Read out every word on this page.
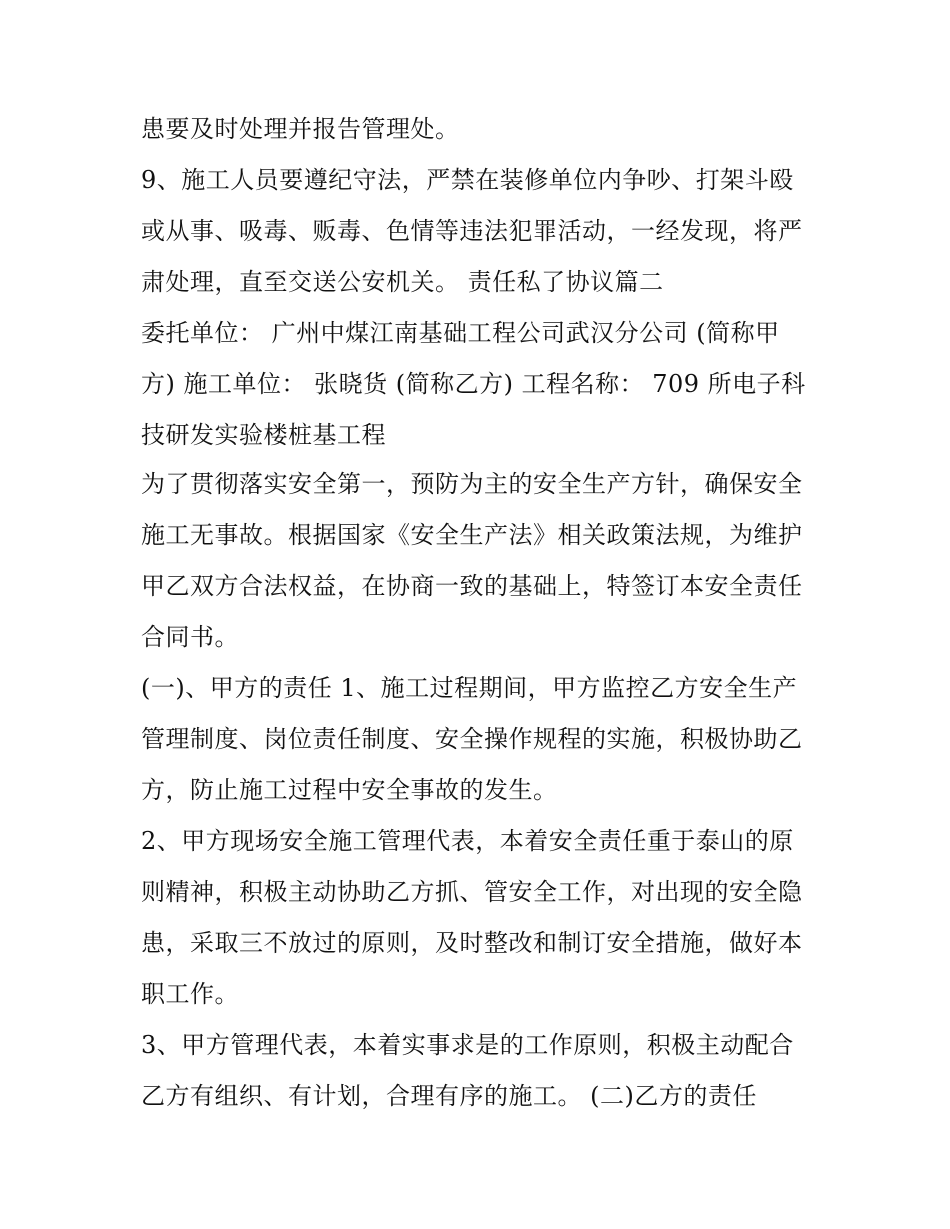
患要及时处理并报告管理处。
9、施工人员要遵纪守法，严禁在装修单位内争吵、打架斗殴
或从事、吸毒、贩毒、色情等违法犯罪活动，一经发现，将严
肃处理，直至交送公安机关。 责任私了协议篇二
委托单位： 广州中煤江南基础工程公司武汉分公司 (简称甲
方) 施工单位： 张晓货 (简称乙方) 工程名称： 709 所电子科
技研发实验楼桩基工程
为了贯彻落实安全第一，预防为主的安全生产方针，确保安全
施工无事故。根据国家《安全生产法》相关政策法规，为维护
甲乙双方合法权益，在协商一致的基础上，特签订本安全责任
合同书。
(一)、甲方的责任 1、施工过程期间，甲方监控乙方安全生产
管理制度、岗位责任制度、安全操作规程的实施，积极协助乙
方，防止施工过程中安全事故的发生。
2、甲方现场安全施工管理代表，本着安全责任重于泰山的原
则精神，积极主动协助乙方抓、管安全工作，对出现的安全隐
患，采取三不放过的原则，及时整改和制订安全措施，做好本
职工作。
3、甲方管理代表，本着实事求是的工作原则，积极主动配合
乙方有组织、有计划，合理有序的施工。 (二)乙方的责任
